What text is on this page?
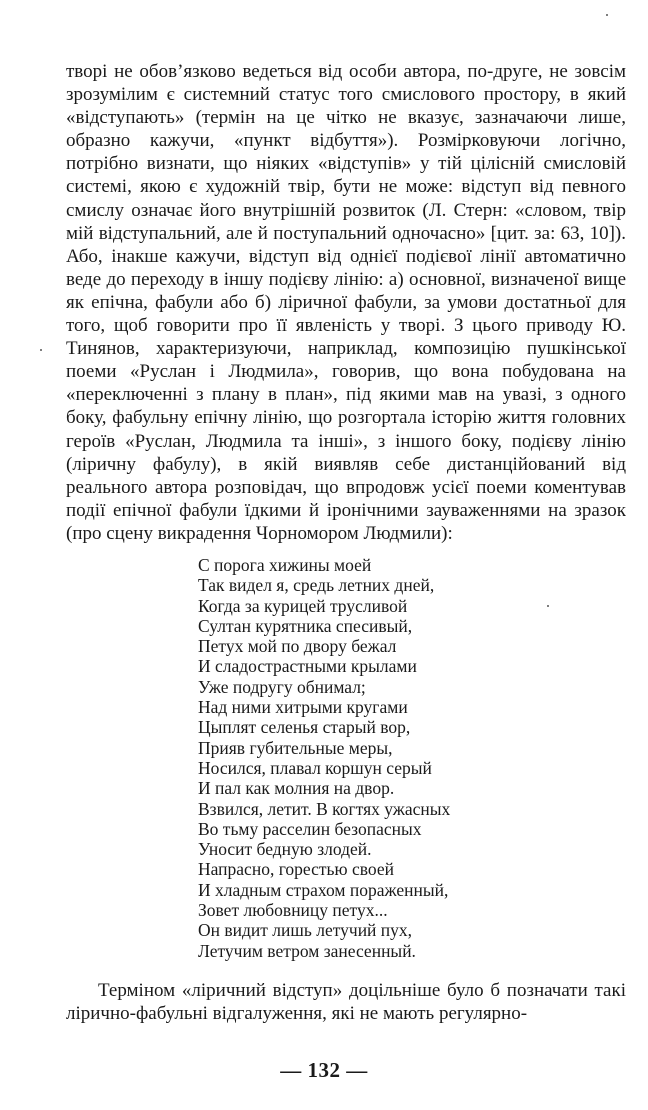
творі не обов’язково ведеться від особи автора, по-друге, не зовсім зрозумілим є системний статус того смислового простору, в який «відступають» (термін на це чітко не вказує, зазначаючи лише, образно кажучи, «пункт відбуття»). Розмірковуючи логічно, потрібно визнати, що ніяких «відступів» у тій цілісній смисловій системі, якою є художній твір, бути не може: відступ від певного смислу означає його внутрішній розвиток (Л. Стерн: «словом, твір мій відступальний, але й поступальний одночасно» [цит. за: 63, 10]). Або, інакше кажучи, відступ від однієї подієвої лінії автоматично веде до переходу в іншу подієву лінію: а) основної, визначеної вище як епічна, фабули або б) ліричної фабули, за умови достатньої для того, щоб говорити про її явленість у творі. З цього приводу Ю. Тинянов, характеризуючи, наприклад, композицію пушкінської поеми «Руслан і Людмила», говорив, що вона побудована на «переключенні з плану в план», під якими мав на увазі, з одного боку, фабульну епічну лінію, що розгортала історію життя головних героїв «Руслан, Людмила та інші», з іншого боку, подієву лінію (ліричну фабулу), в якій виявляв себе дистанційований від реального автора розповідач, що впродовж усієї поеми коментував події епічної фабули їдкими й іронічними зауваженнями на зразок (про сцену викрадення Чорномором Людмили):

С порога хижины моей
Так видел я, средь летних дней,
Когда за курицей трусливой
Султан курятника спесивый,
Петух мой по двору бежал
И сладострастными крылами
Уже подругу обнимал;
Над ними хитрыми кругами
Цыплят селенья старый вор,
Прияв губительные меры,
Носился, плавал коршун серый
И пал как молния на двор.
Взвился, летит. В когтях ужасных
Во тьму расселин безопасных
Уносит бедную злодей.
Напрасно, горестью своей
И хладным страхом пораженный,
Зовет любовницу петух...
Он видит лишь летучий пух,
Летучим ветром занесенный.

Терміном «ліричний відступ» доцільніше було б позначати такі лірично-фабульні відгалуження, які не мають регулярно-

— 132 —
